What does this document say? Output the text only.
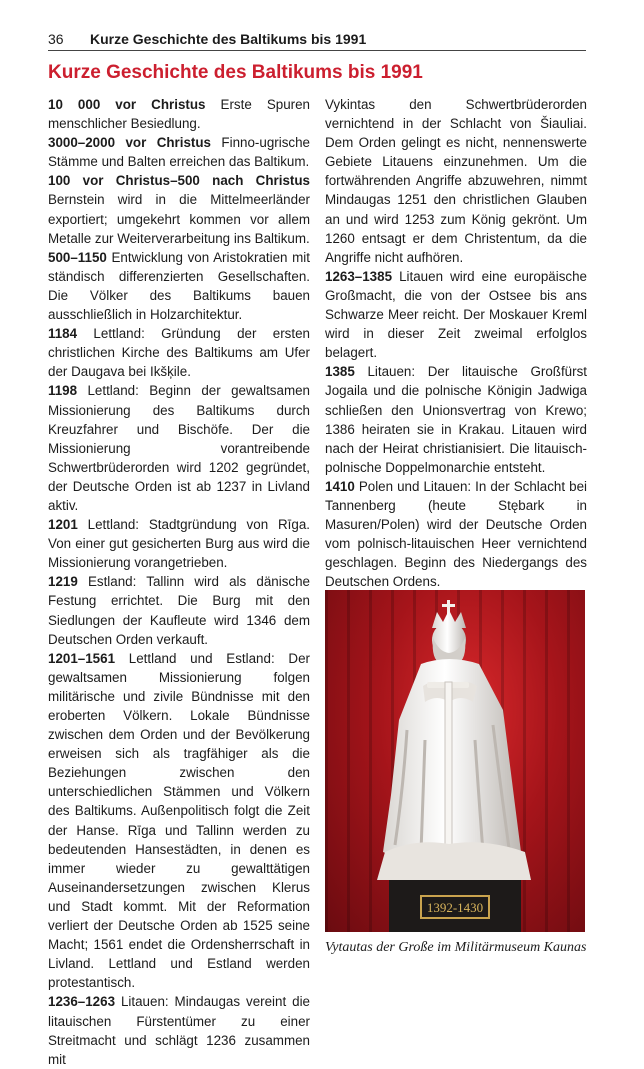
36 Kurze Geschichte des Baltikums bis 1991
Kurze Geschichte des Baltikums bis 1991

10 000 vor Christus Erste Spuren menschlicher Besiedlung.

3000–2000 vor Christus Finno-ugrische Stämme und Balten erreichen das Baltikum.

100 vor Christus–500 nach Christus Bernstein wird in die Mittelmeerländer exportiert; umgekehrt kommen vor allem Metalle zur Weiterverarbeitung ins Baltikum.

500–1150 Entwicklung von Aristokratien mit ständisch differenzierten Gesellschaften. Die Völker des Baltikums bauen ausschließlich in Holzarchitektur.

1184 Lettland: Gründung der ersten christlichen Kirche des Baltikums am Ufer der Daugava bei Ikšķile.

1198 Lettland: Beginn der gewaltsamen Missionierung des Baltikums durch Kreuzfahrer und Bischöfe. Der die Missionierung vorantreibende Schwertbrüderorden wird 1202 gegründet, der Deutsche Orden ist ab 1237 in Livland aktiv.

1201 Lettland: Stadtgründung von Rīga. Von einer gut gesicherten Burg aus wird die Missionierung vorangetrieben.

1219 Estland: Tallinn wird als dänische Festung errichtet. Die Burg mit den Siedlungen der Kaufleute wird 1346 dem Deutschen Orden verkauft.

1201–1561 Lettland und Estland: Der gewaltsamen Missionierung folgen militärische und zivile Bündnisse mit den eroberten Völkern. Lokale Bündnisse zwischen dem Orden und der Bevölkerung erweisen sich als tragfähiger als die Beziehungen zwischen den unterschiedlichen Stämmen und Völkern des Baltikums. Außenpolitisch folgt die Zeit der Hanse. Rīga und Tallinn werden zu bedeutenden Hansestädten, in denen es immer wieder zu gewalttätigen Auseinandersetzungen zwischen Klerus und Stadt kommt. Mit der Reformation verliert der Deutsche Orden ab 1525 seine Macht; 1561 endet die Ordensherrschaft in Livland. Lettland und Estland werden protestantisch.

1236–1263 Litauen: Mindaugas vereint die litauischen Fürstentümer zu einer Streitmacht und schlägt 1236 zusammen mit

Vykintas den Schwertbrüderorden vernichtend in der Schlacht von Šiauliai. Dem Orden gelingt es nicht, nennenswerte Gebiete Litauens einzunehmen. Um die fortwährenden Angriffe abzuwehren, nimmt Mindaugas 1251 den christlichen Glauben an und wird 1253 zum König gekrönt. Um 1260 entsagt er dem Christentum, da die Angriffe nicht aufhören.

1263–1385 Litauen wird eine europäische Großmacht, die von der Ostsee bis ans Schwarze Meer reicht. Der Moskauer Kreml wird in dieser Zeit zweimal erfolglos belagert.

1385 Litauen: Der litauische Großfürst Jogaila und die polnische Königin Jadwiga schließen den Unionsvertrag von Krewo; 1386 heiraten sie in Krakau. Litauen wird nach der Heirat christianisiert. Die litauisch-polnische Doppelmonarchie entsteht.

1410 Polen und Litauen: In der Schlacht bei Tannenberg (heute Stębark in Masuren/Polen) wird der Deutsche Orden vom polnisch-litauischen Heer vernichtend geschlagen. Beginn des Niedergangs des Deutschen Ordens.

1392-1430
Vytautas der Große im Militärmuseum Kaunas
